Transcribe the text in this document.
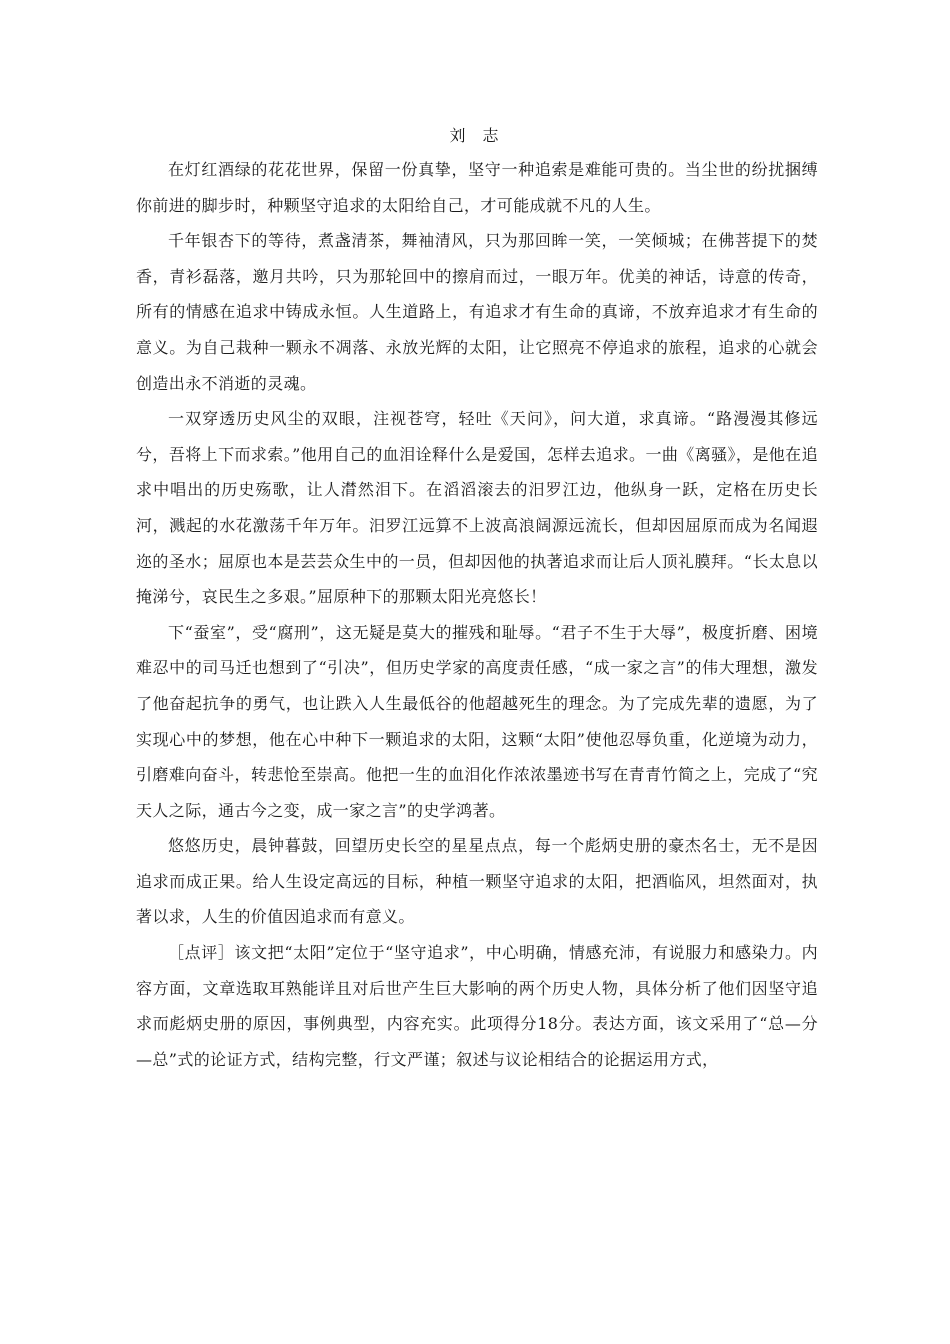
刘 志

在灯红酒绿的花花世界，保留一份真挚，坚守一种追索是难能可贵的。当尘世的纷扰捆缚你前进的脚步时，种颗坚守追求的太阳给自己，才可能成就不凡的人生。

千年银杏下的等待，煮盏清茶，舞袖清风，只为那回眸一笑，一笑倾城；在佛菩提下的焚香，青衫磊落，邀月共吟，只为那轮回中的擦肩而过，一眼万年。优美的神话，诗意的传奇，所有的情感在追求中铸成永恒。人生道路上，有追求才有生命的真谛，不放弃追求才有生命的意义。为自己栽种一颗永不凋落、永放光辉的太阳，让它照亮不停追求的旅程，追求的心就会创造出永不消逝的灵魂。

一双穿透历史风尘的双眼，注视苍穹，轻吐《天问》，问大道，求真谛。“路漫漫其修远兮，吾将上下而求索。”他用自己的血泪诠释什么是爱国，怎样去追求。一曲《离骚》，是他在追求中唱出的历史殇歌，让人潸然泪下。在滔滔滚去的汨罗江边，他纵身一跃，定格在历史长河，溅起的水花激荡千年万年。汨罗江远算不上波高浪阔源远流长，但却因屈原而成为名闻遐迩的圣水；屈原也本是芸芸众生中的一员，但却因他的执著追求而让后人顶礼膜拜。“长太息以掩涕兮，哀民生之多艰。”屈原种下的那颗太阳光亮悠长！

下“蚕室”，受“腐刑”，这无疑是莫大的摧残和耻辱。“君子不生于大辱”，极度折磨、困境难忍中的司马迁也想到了“引决”，但历史学家的高度责任感，“成一家之言”的伟大理想，激发了他奋起抗争的勇气，也让跌入人生最低谷的他超越死生的理念。为了完成先辈的遗愿，为了实现心中的梦想，他在心中种下一颗追求的太阳，这颗“太阳”使他忍辱负重，化逆境为动力，引磨难向奋斗，转悲怆至崇高。他把一生的血泪化作浓浓墨迹书写在青青竹简之上，完成了“究天人之际，通古今之变，成一家之言”的史学鸿著。

悠悠历史，晨钟暮鼓，回望历史长空的星星点点，每一个彪炳史册的豪杰名士，无不是因追求而成正果。给人生设定高远的目标，种植一颗坚守追求的太阳，把酒临风，坦然面对，执著以求，人生的价值因追求而有意义。

［点评］该文把“太阳”定位于“坚守追求”，中心明确，情感充沛，有说服力和感染力。内容方面，文章选取耳熟能详且对后世产生巨大影响的两个历史人物，具体分析了他们因坚守追求而彪炳史册的原因，事例典型，内容充实。此项得分18分。表达方面，该文采用了“总—分—总”式的论证方式，结构完整，行文严谨；叙述与议论相结合的论据运用方式，
